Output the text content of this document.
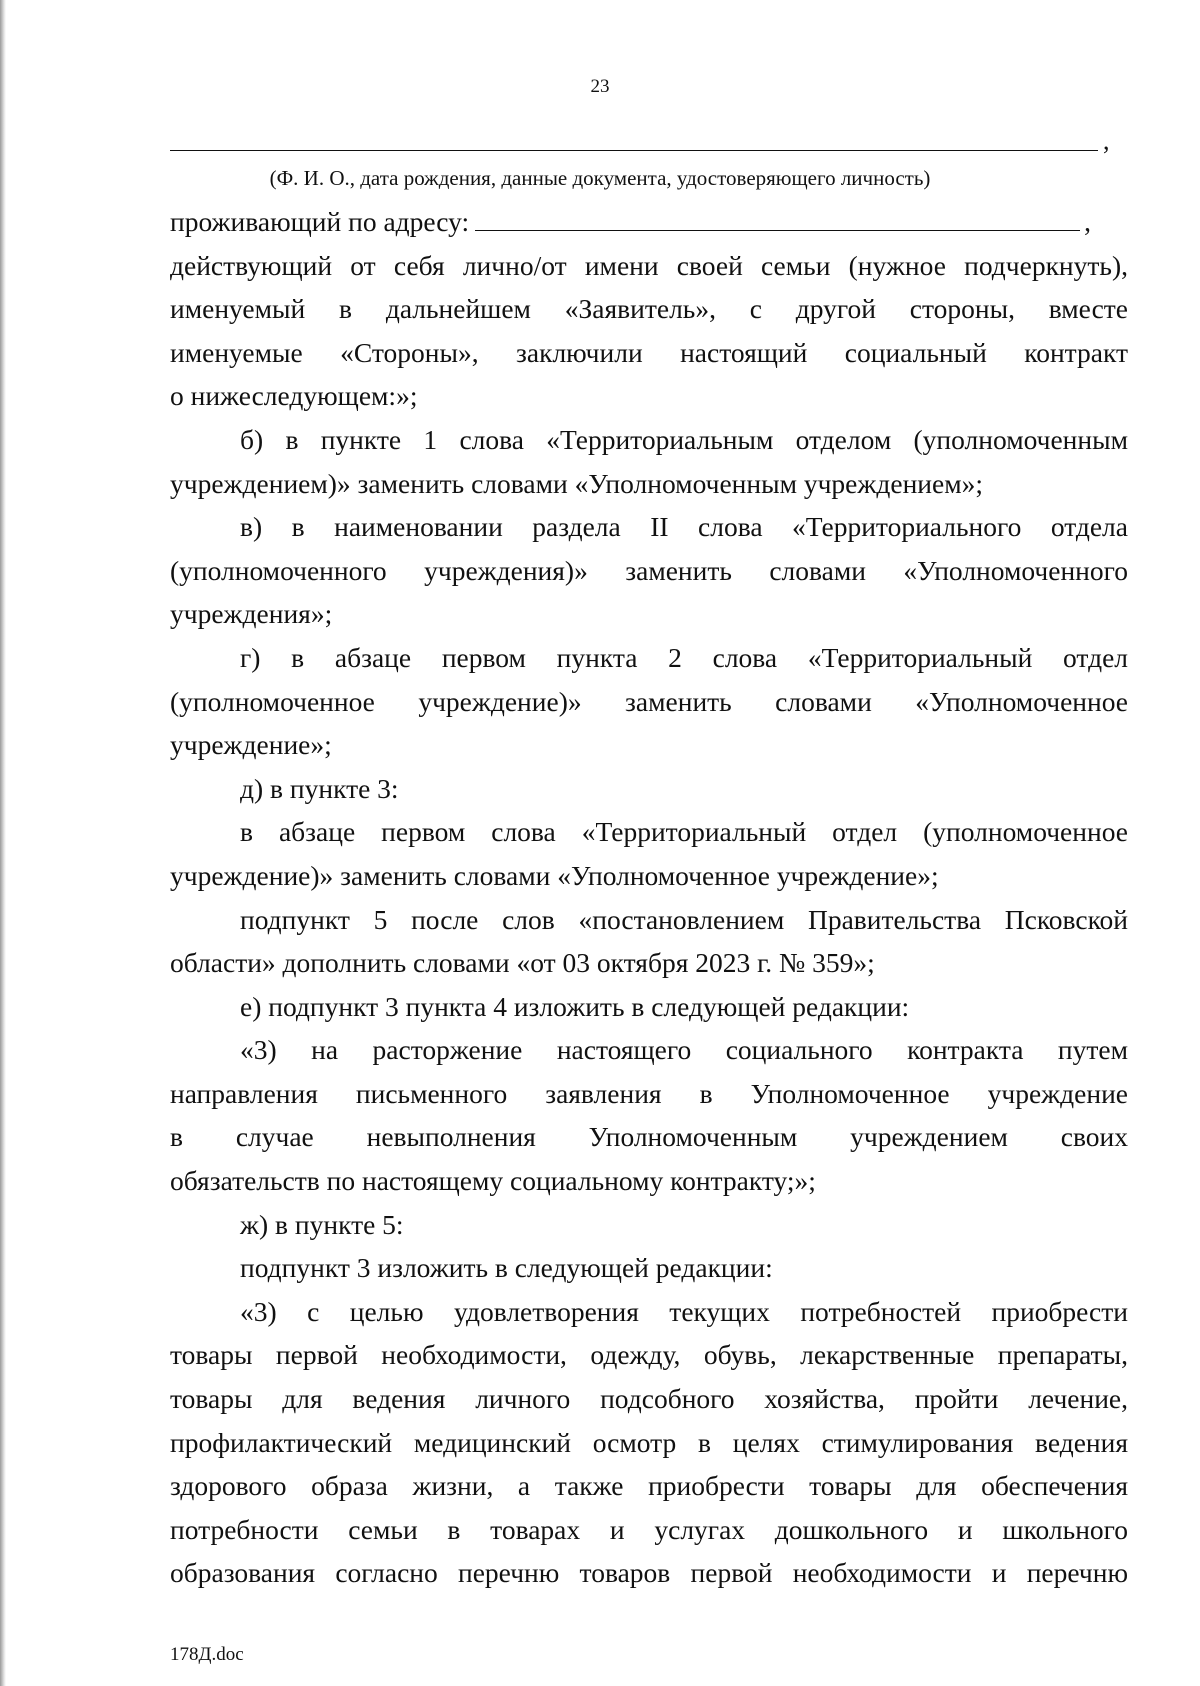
23
,
(Ф. И. О., дата рождения, данные документа, удостоверяющего личность)
проживающий по адресу:	,
действующий от себя лично/от имени своей семьи (нужное подчеркнуть),
именуемый в дальнейшем «Заявитель», с другой стороны, вместе
именуемые «Стороны», заключили настоящий социальный контракт
о нижеследующем:»;
б) в пункте 1 слова «Территориальным отделом (уполномоченным
учреждением)» заменить словами «Уполномоченным учреждением»;
в) в наименовании раздела II слова «Территориального отдела
(уполномоченного учреждения)» заменить словами «Уполномоченного
учреждения»;
г) в абзаце первом пункта 2 слова «Территориальный отдел
(уполномоченное учреждение)» заменить словами «Уполномоченное
учреждение»;
д) в пункте 3:
в абзаце первом слова «Территориальный отдел (уполномоченное
учреждение)» заменить словами «Уполномоченное учреждение»;
подпункт 5 после слов «постановлением Правительства Псковской
области» дополнить словами «от 03 октября 2023 г. № 359»;
е) подпункт 3 пункта 4 изложить в следующей редакции:
«3) на расторжение настоящего социального контракта путем
направления письменного заявления в Уполномоченное учреждение
в случае невыполнения Уполномоченным учреждением своих
обязательств по настоящему социальному контракту;»;
ж) в пункте 5:
подпункт 3 изложить в следующей редакции:
«3) с целью удовлетворения текущих потребностей приобрести
товары первой необходимости, одежду, обувь, лекарственные препараты,
товары для ведения личного подсобного хозяйства, пройти лечение,
профилактический медицинский осмотр в целях стимулирования ведения
здорового образа жизни, а также приобрести товары для обеспечения
потребности семьи в товарах и услугах дошкольного и школьного
образования согласно перечню товаров первой необходимости и перечню
178Д.doc
